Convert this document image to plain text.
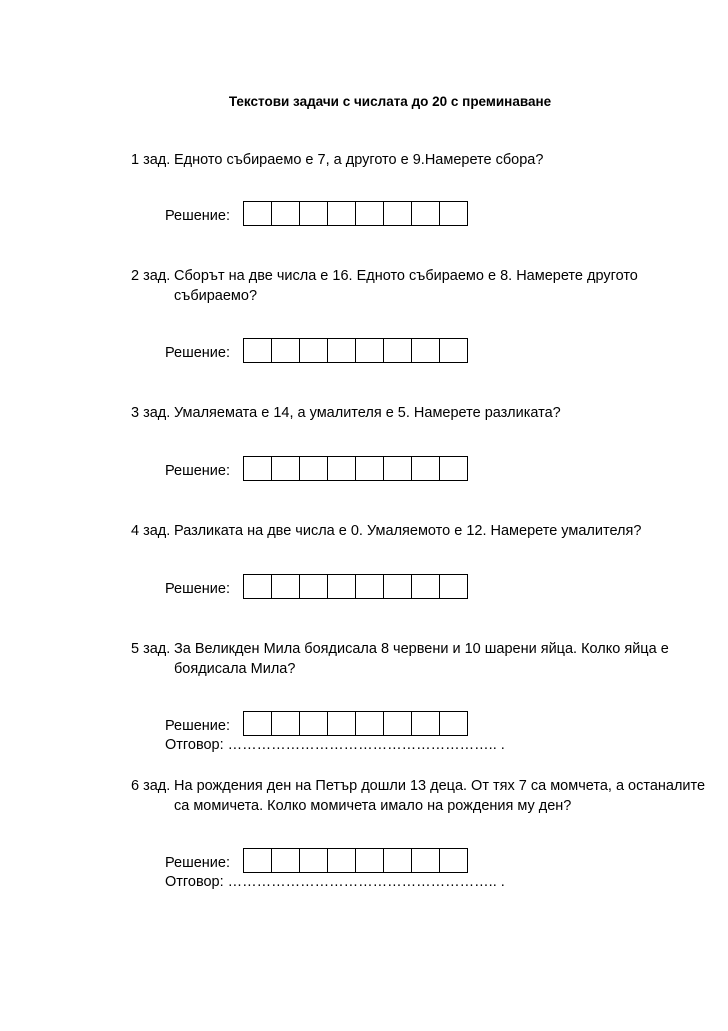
Текстови задачи с числата до 20 с преминаване
1 зад. Едното събираемо е 7, а другото е 9.Намерете сбора?
Решение:
2 зад. Сборът на две числа е 16. Едното събираемо е 8. Намерете другото събираемо?
Решение:
3 зад. Умаляемата е 14, а умалителя е 5. Намерете разликата?
Решение:
4 зад. Разликата на две числа е 0. Умаляемото е 12. Намерете умалителя?
Решение:
5 зад. За Великден Мила боядисала 8 червени и 10 шарени яйца. Колко яйца е боядисала Мила?
Решение:
Отговор: ……………………………………………….. .
6 зад. На рождения ден на Петър дошли 13 деца. От тях 7 са момчета, а останалите са момичета. Колко момичета имало на рождения му ден?
Решение:
Отговор: ……………………………………………….. .
